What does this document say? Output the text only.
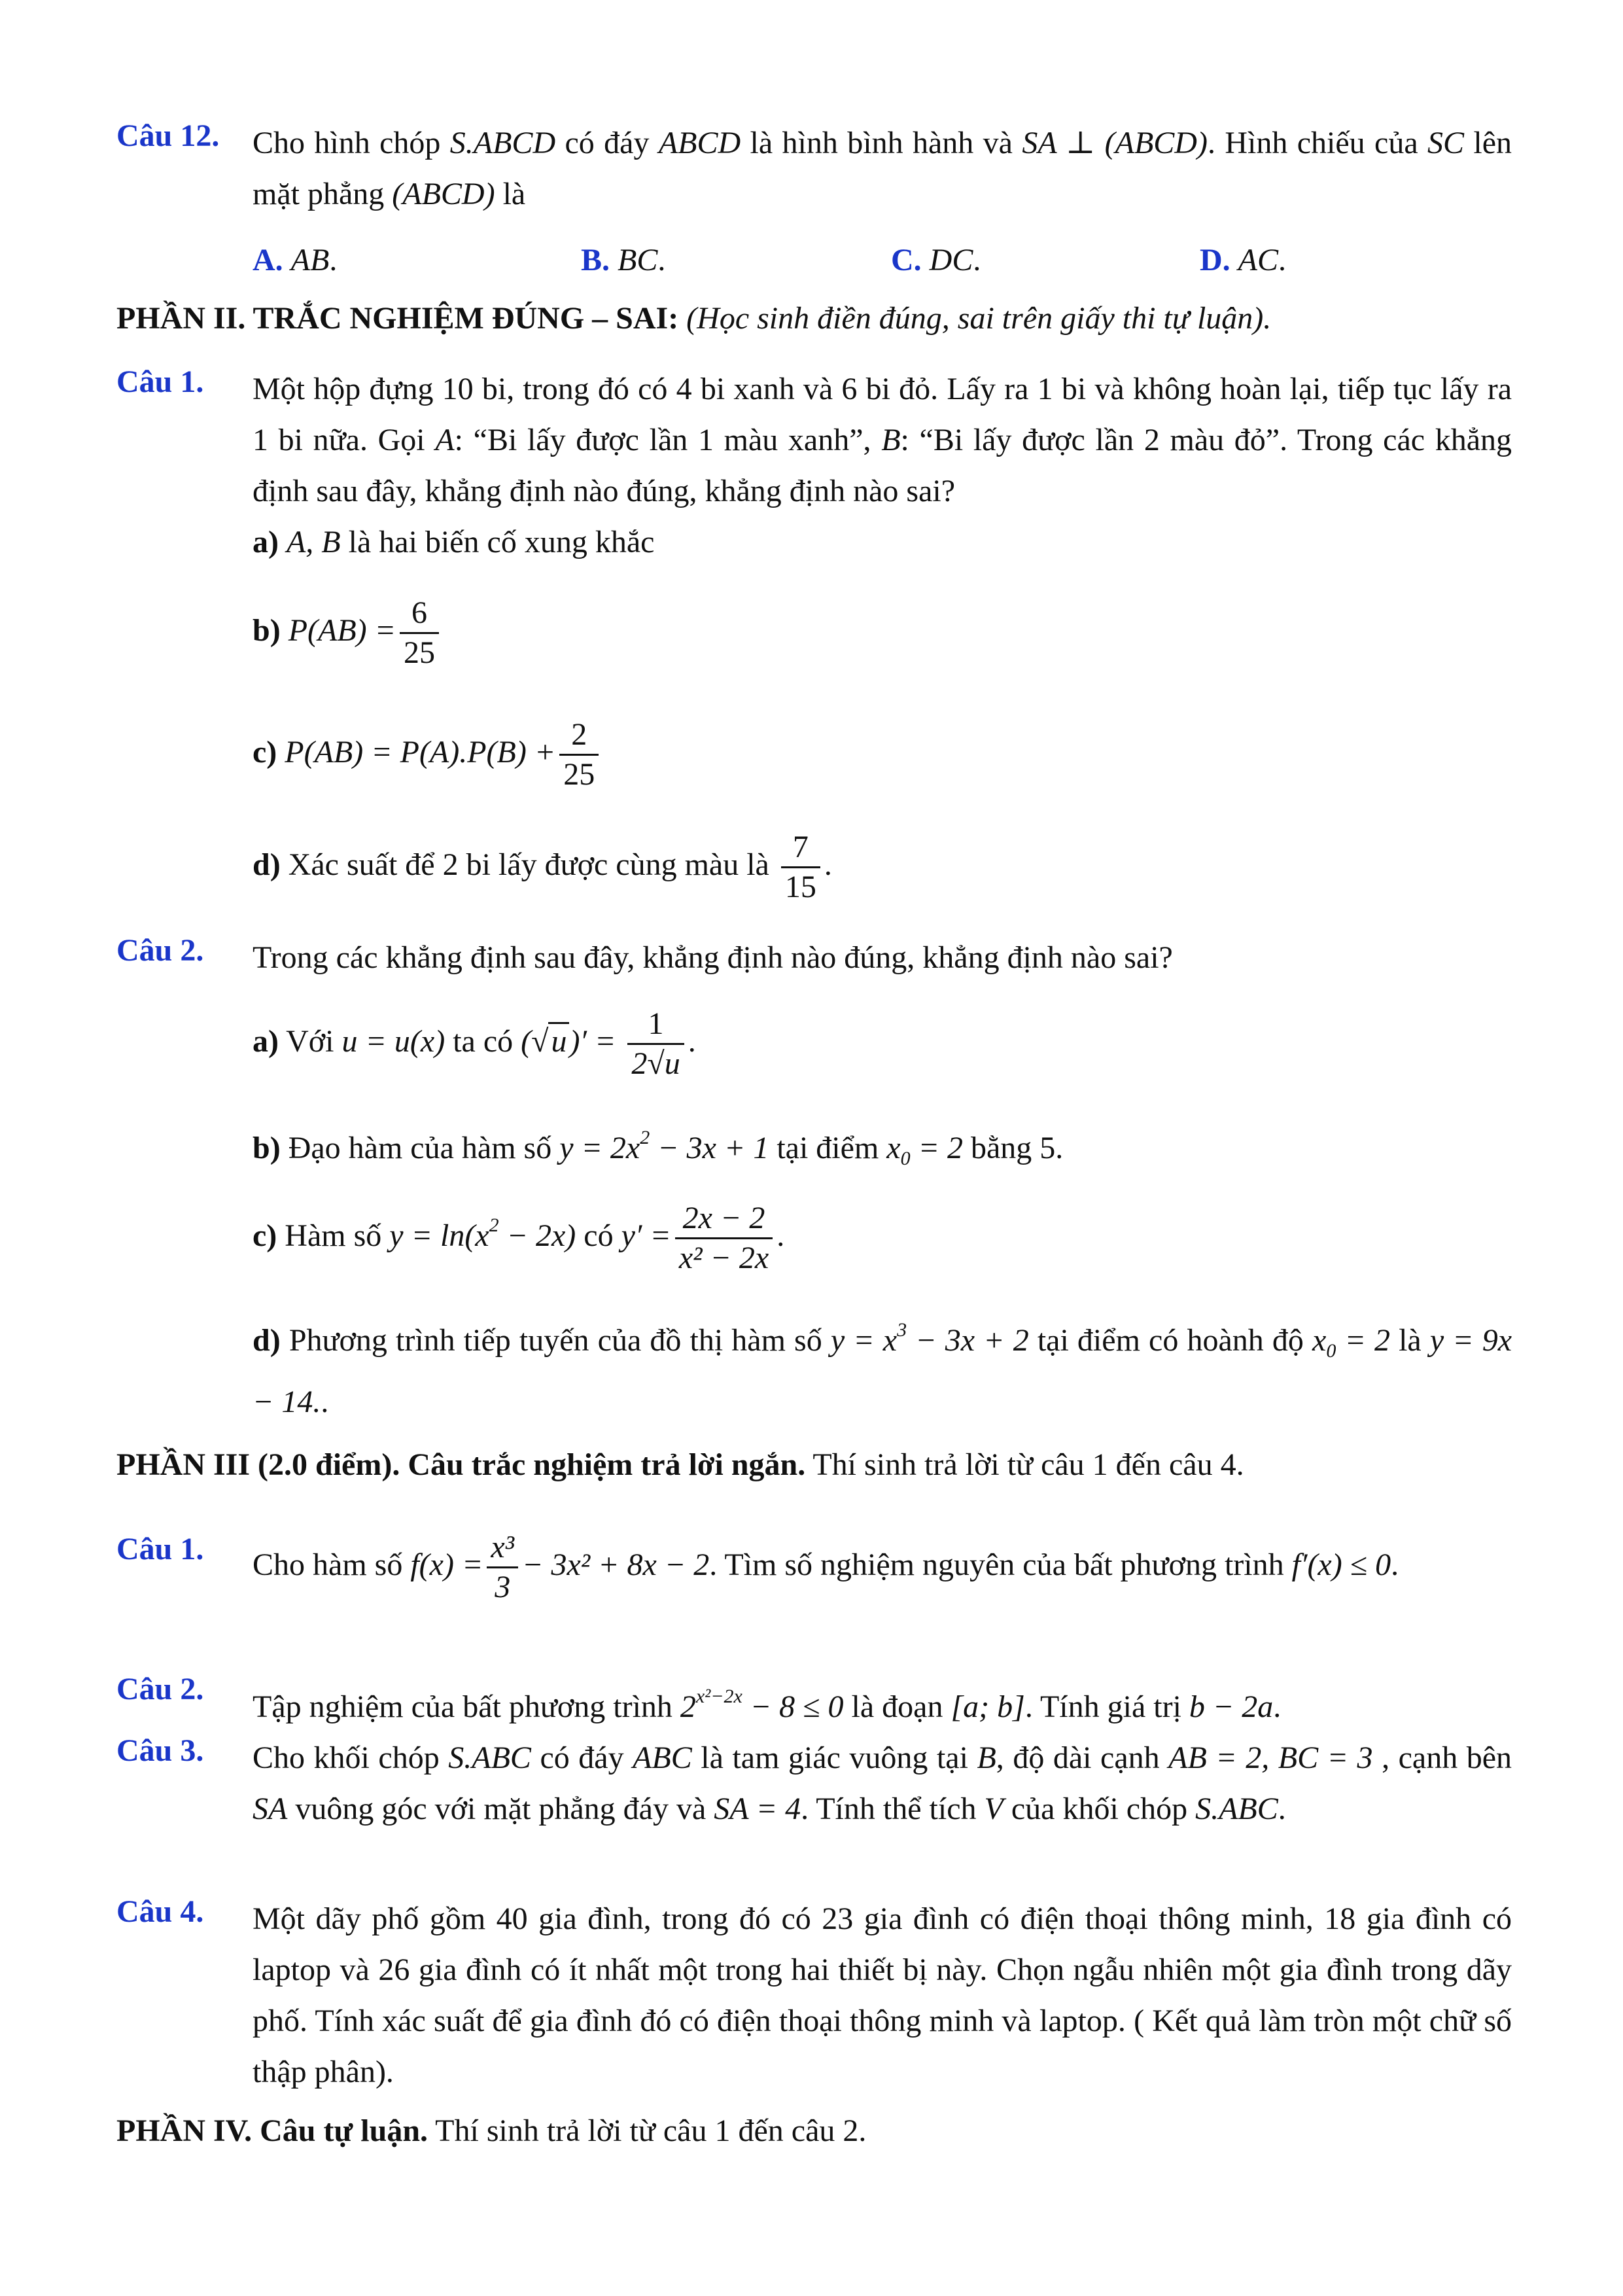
Câu 12. Cho hình chóp S.ABCD có đáy ABCD là hình bình hành và SA ⊥ (ABCD). Hình chiếu của SC lên mặt phẳng (ABCD) là
A. AB.	B. BC.	C. DC.	D. AC.
PHẦN II. TRẮC NGHIỆM ĐÚNG – SAI: (Học sinh điền đúng, sai trên giấy thi tự luận).
Câu 1. Một hộp đựng 10 bi, trong đó có 4 bi xanh và 6 bi đỏ. Lấy ra 1 bi và không hoàn lại, tiếp tục lấy ra 1 bi nữa. Gọi A: “Bi lấy được lần 1 màu xanh”, B: “Bi lấy được lần 2 màu đỏ”. Trong các khẳng định sau đây, khẳng định nào đúng, khẳng định nào sai?
a) A, B là hai biến cố xung khắc
b) $P(AB) = \frac{6}{25}$
c) $P(AB) = P(A).P(B) + \frac{2}{25}$
d) Xác suất để 2 bi lấy được cùng màu là $\frac{7}{15}$ .
Câu 2. Trong các khẳng định sau đây, khẳng định nào đúng, khẳng định nào sai?
a) Với u = u(x) ta có $(√u)' = \frac{1}{2√u}$ .
b) Đạo hàm của hàm số $y = 2x^2 - 3x + 1$ tại điểm $x_0 = 2$ bằng 5.
c) Hàm số $y = \ln(x^2 - 2x)$ có $y' = \frac{2x - 2}{\text{x² − 2x}}$ .
d) Phương trình tiếp tuyến của đồ thị hàm số $y = x^3 - 3x + 2$ tại điểm có hoành độ $x_0 = 2$ là y = 9x − 14..
PHẦN III (2.0 điểm). Câu trắc nghiệm trả lời ngắn. Thí sinh trả lời từ câu 1 đến câu 4.
Câu 1. Cho hàm số $f(x) = \frac{\text{x³}}{3} - 3x^2 + 8x - 2$. Tìm số nghiệm nguyên của bất phương trình f′(x) ≤ 0.
Câu 2.
Tập nghiệm của bất phương trình $2^{x^2-2x} - 8 \le 0$ là đoạn [a; b]. Tính giá trị b − 2a.
Câu 3. Cho khối chóp S.ABC có đáy ABC là tam giác vuông tại B, độ dài cạnh AB = 2, BC = 3 , cạnh bên SA vuông góc với mặt phẳng đáy và SA = 4. Tính thể tích V của khối chóp S.ABC.
Câu 4. Một dãy phố gồm 40 gia đình, trong đó có 23 gia đình có điện thoại thông minh, 18 gia đình có laptop và 26 gia đình có ít nhất một trong hai thiết bị này. Chọn ngẫu nhiên một gia đình trong dãy phố. Tính xác suất để gia đình đó có điện thoại thông minh và laptop. ( Kết quả làm tròn một chữ số thập phân).
PHẦN IV. Câu tự luận. Thí sinh trả lời từ câu 1 đến câu 2.
